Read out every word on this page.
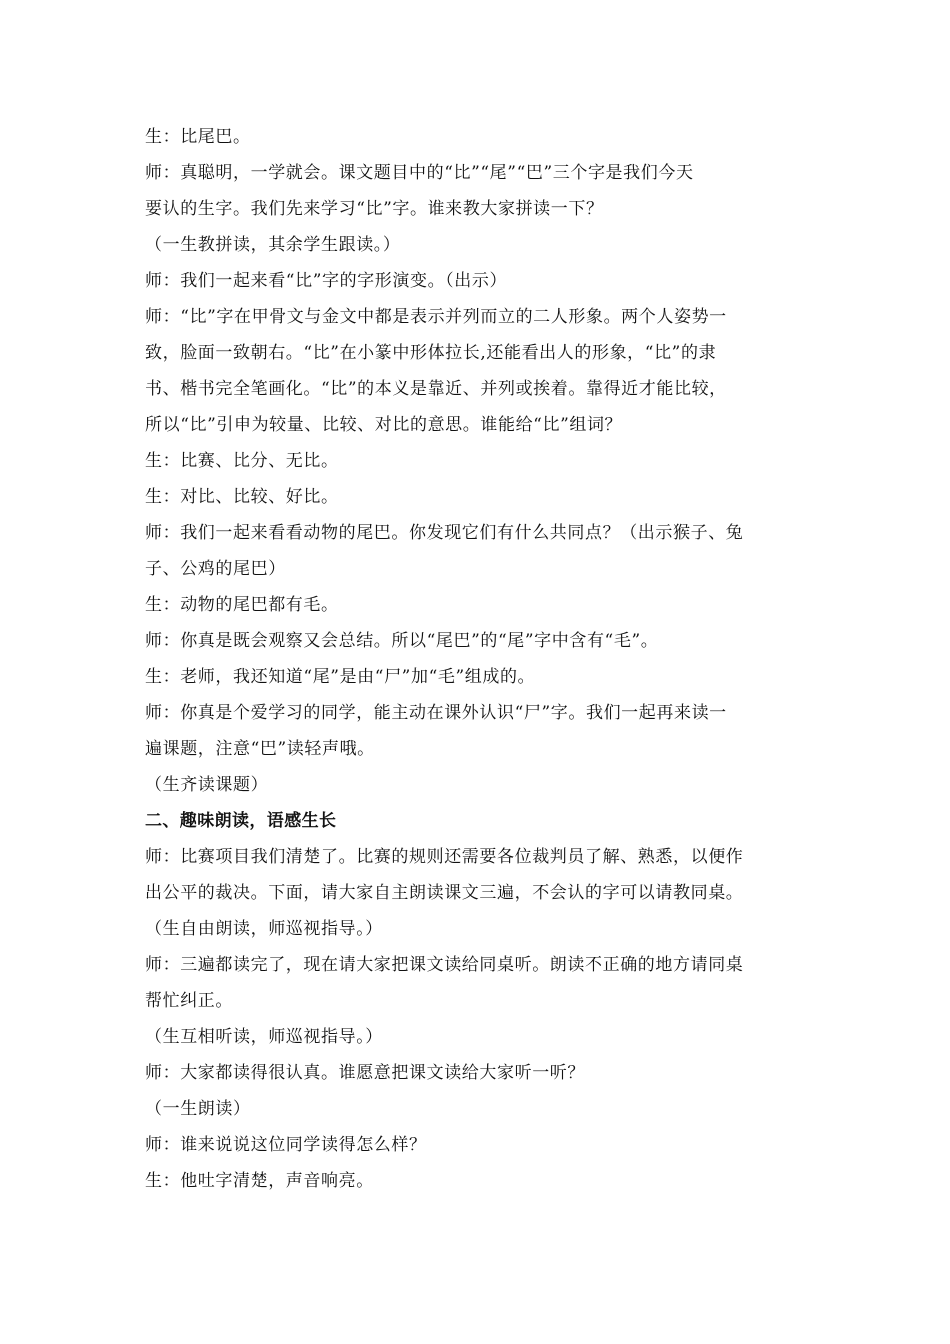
生：比尾巴。
师：真聪明，一学就会。课文题目中的“比”“尾”“巴”三个字是我们今天
要认的生字。我们先来学习“比”字。谁来教大家拼读一下？
（一生教拼读，其余学生跟读。）
师：我们一起来看“比”字的字形演变。（出示）
师：“比”字在甲骨文与金文中都是表示并列而立的二人形象。两个人姿势一
致，脸面一致朝右。“比”在小篆中形体拉长,还能看出人的形象，“比”的隶
书、楷书完全笔画化。“比”的本义是靠近、并列或挨着。靠得近才能比较，
所以“比”引申为较量、比较、对比的意思。谁能给“比”组词？
生：比赛、比分、无比。
生：对比、比较、好比。
师：我们一起来看看动物的尾巴。你发现它们有什么共同点？（出示猴子、兔
子、公鸡的尾巴）
生：动物的尾巴都有毛。
师：你真是既会观察又会总结。所以“尾巴”的“尾”字中含有“毛”。
生：老师，我还知道“尾”是由“尸”加“毛”组成的。
师：你真是个爱学习的同学，能主动在课外认识“尸”字。我们一起再来读一
遍课题，注意“巴”读轻声哦。
（生齐读课题）
二、趣味朗读，语感生长
师：比赛项目我们清楚了。比赛的规则还需要各位裁判员了解、熟悉，以便作
出公平的裁决。下面，请大家自主朗读课文三遍，不会认的字可以请教同桌。
（生自由朗读，师巡视指导。）
师：三遍都读完了，现在请大家把课文读给同桌听。朗读不正确的地方请同桌
帮忙纠正。
（生互相听读，师巡视指导。）
师：大家都读得很认真。谁愿意把课文读给大家听一听？
（一生朗读）
师：谁来说说这位同学读得怎么样？
生：他吐字清楚，声音响亮。
